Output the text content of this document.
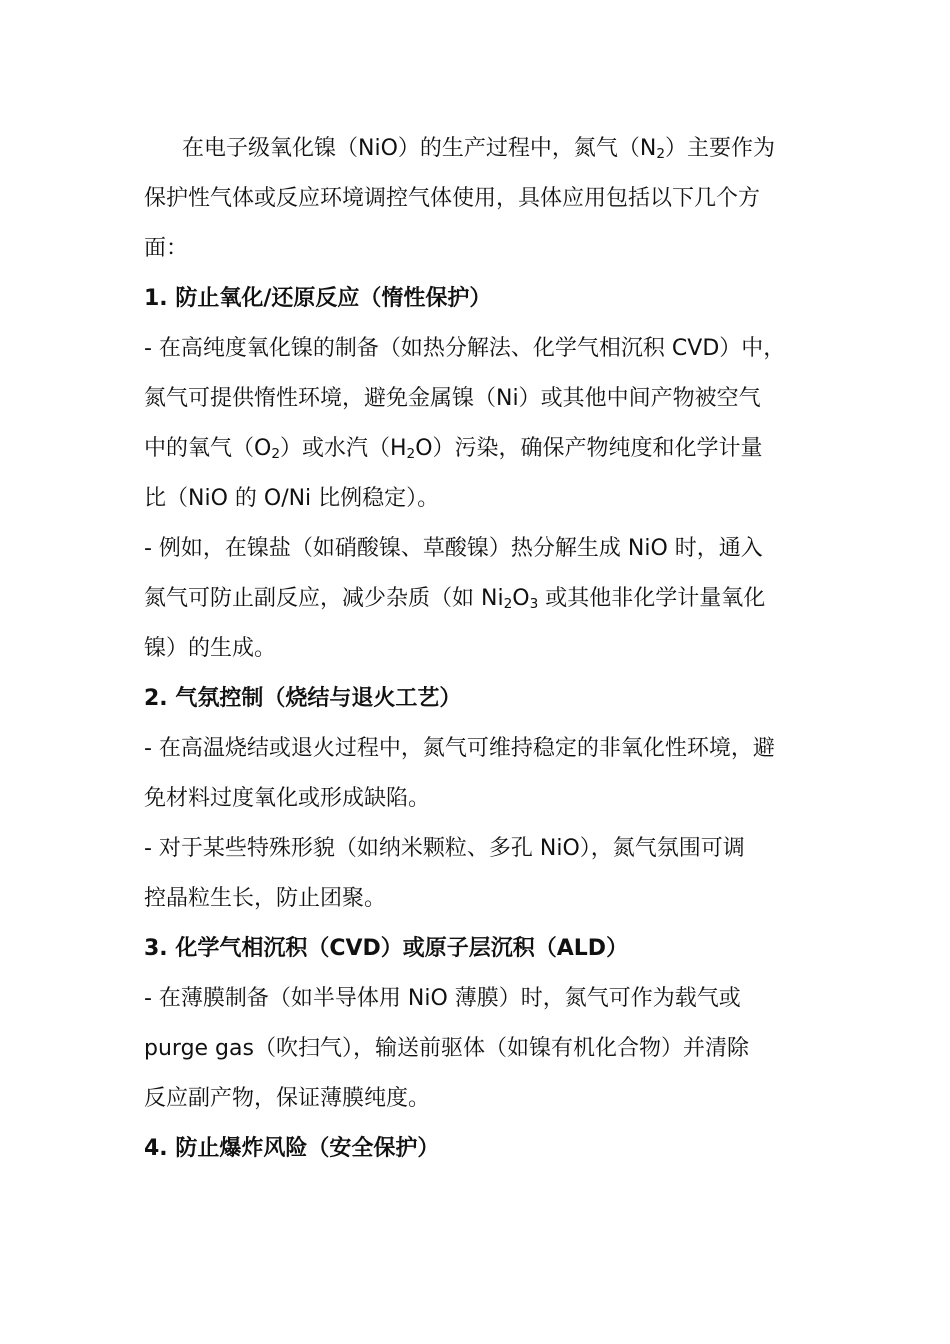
在电子级氧化镍（NiO）的生产过程中，氮气$(N_2)$主要作为
保护性气体或反应环境调控气体使用，具体应用包括以下几个方
面：
1. 防止氧化/还原反应（惰性保护）
- 在高纯度氧化镍的制备（如热分解法、化学气相沉积 CVD）中，
氮气可提供惰性环境，避免金属镍（Ni）或其他中间产物被空气
中的氧气$(O_2)$或水汽$(H_2O)$污染，确保产物纯度和化学计量
比（NiO 的 O/Ni 比例稳定）。
- 例如，在镍盐（如硝酸镍、草酸镍）热分解生成 NiO 时，通入
氮气可防止副反应，减少杂质（如 $Ni_2O_3$ 或其他非化学计量氧化
镍）的生成。
2. 气氛控制（烧结与退火工艺）
- 在高温烧结或退火过程中，氮气可维持稳定的非氧化性环境，避
免材料过度氧化或形成缺陷。
- 对于某些特殊形貌（如纳米颗粒、多孔 NiO），氮气氛围可调
控晶粒生长，防止团聚。
3. 化学气相沉积（CVD）或原子层沉积（ALD）
- 在薄膜制备（如半导体用 NiO 薄膜）时，氮气可作为载气或
purge gas（吹扫气），输送前驱体（如镍有机化合物）并清除
反应副产物，保证薄膜纯度。
4. 防止爆炸风险（安全保护）
